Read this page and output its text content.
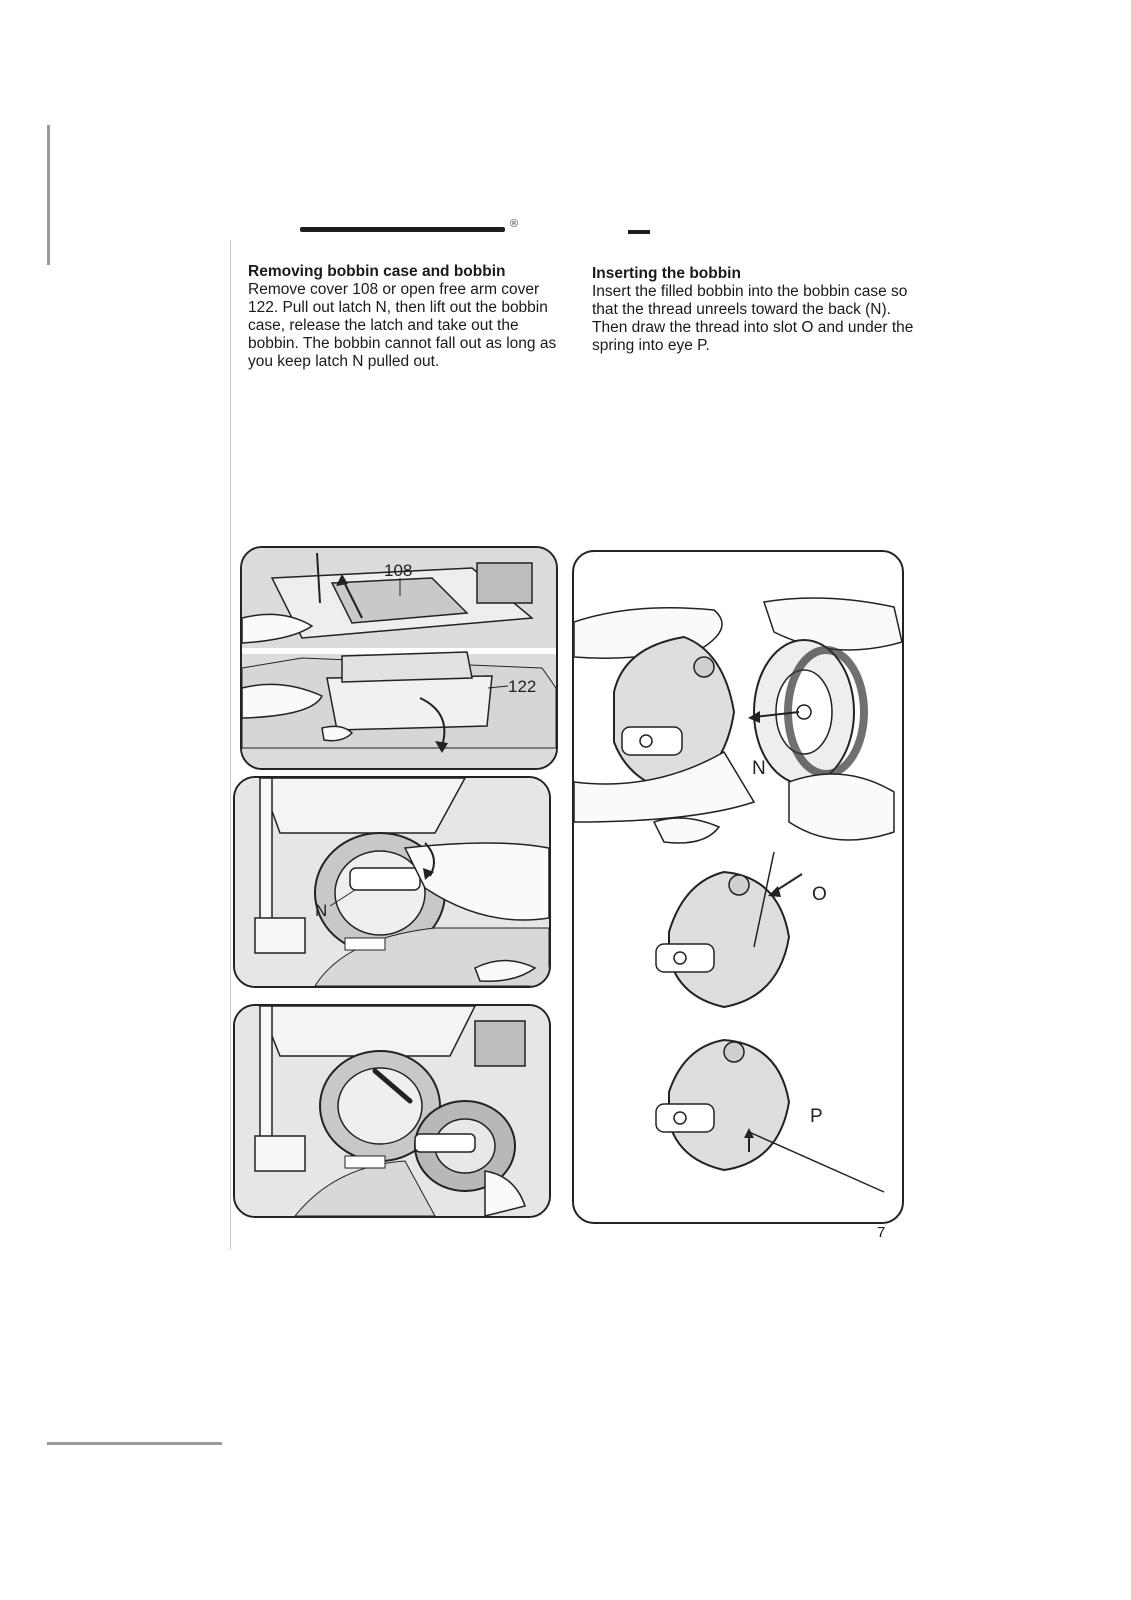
®
Removing bobbin case and bobbin

Remove cover 108 or open free arm cover 122. Pull out latch N, then lift out the bobbin case, release the latch and take out the bobbin. The bobbin cannot fall out as long as you keep latch N pulled out.

Inserting the bobbin

Insert the filled bobbin into the bobbin case so that the thread unreels toward the back (N). Then draw the thread into slot O and under the spring into eye P.

108
122
N
N
O
P
7
